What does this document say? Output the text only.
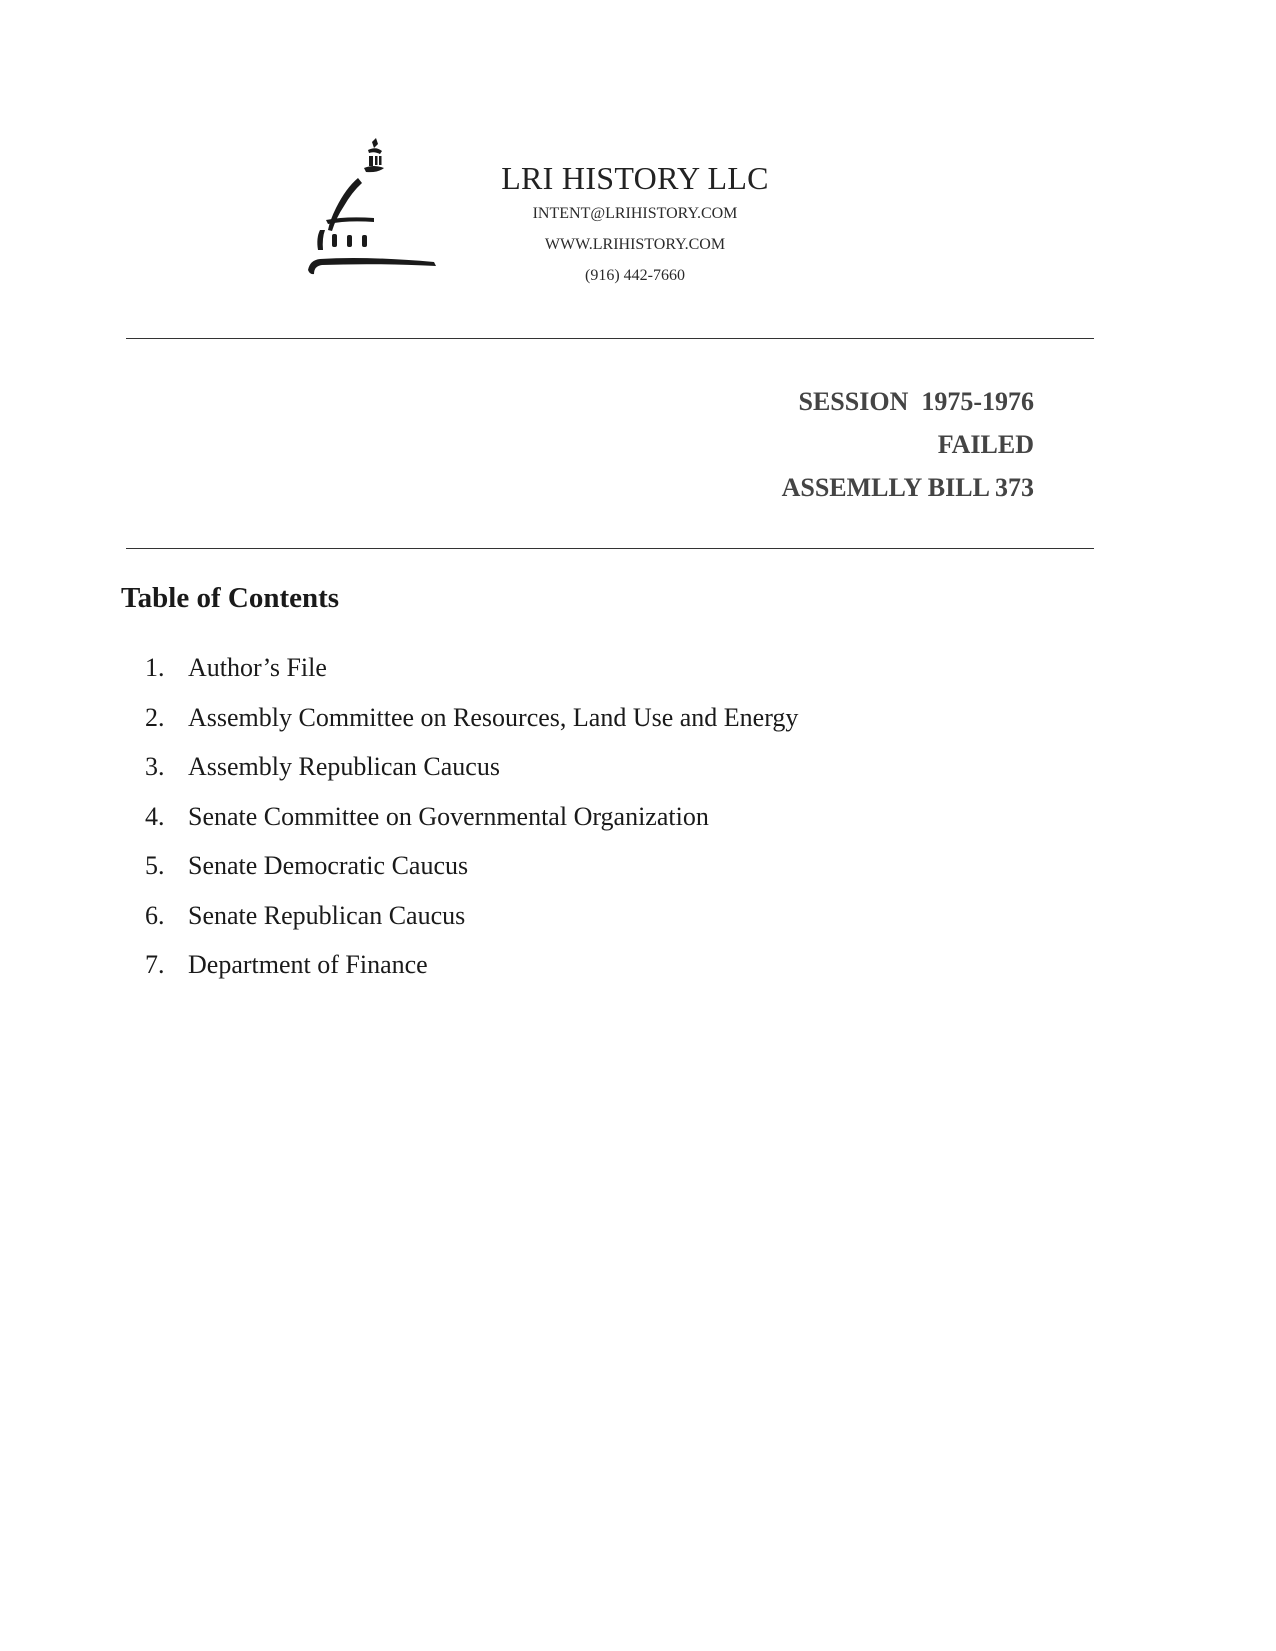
LRI HISTORY LLC
INTENT@LRIHISTORY.COM
WWW.LRIHISTORY.COM
(916) 442-7660
SESSION  1975-1976
FAILED
ASSEMLLY BILL 373
Table of Contents
1. Author’s File
2. Assembly Committee on Resources, Land Use and Energy
3. Assembly Republican Caucus
4. Senate Committee on Governmental Organization
5. Senate Democratic Caucus
6. Senate Republican Caucus
7. Department of Finance
